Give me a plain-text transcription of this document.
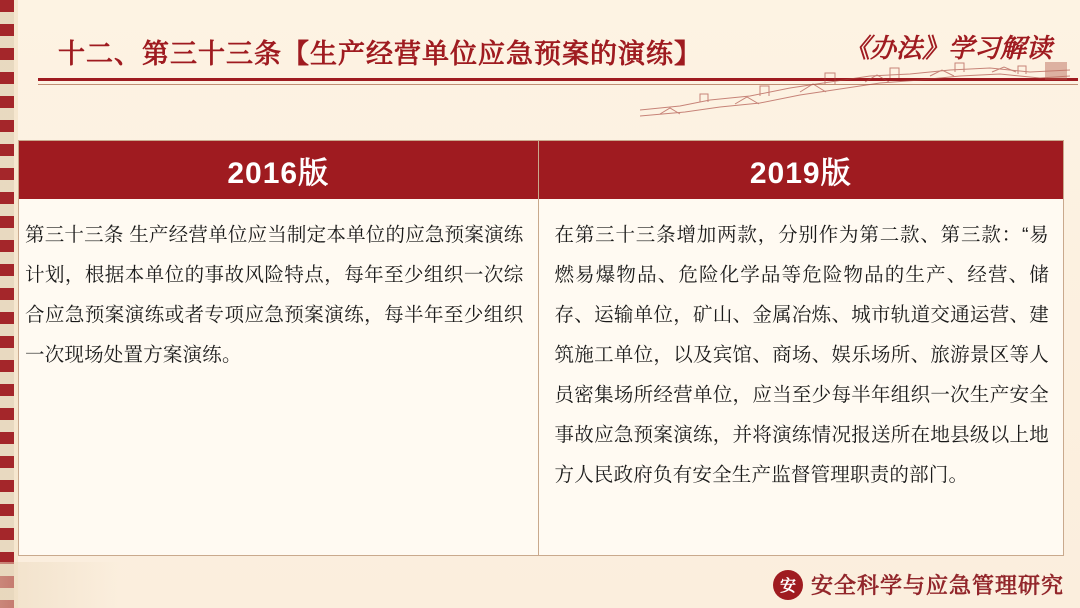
十二、第三十三条【生产经营单位应急预案的演练】	《办法》学习解读
2016版
第三十三条 生产经营单位应当制定本单位的应急预案演练计划，根据本单位的事故风险特点，每年至少组织一次综合应急预案演练或者专项应急预案演练，每半年至少组织一次现场处置方案演练。
2019版
在第三十三条增加两款，分别作为第二款、第三款：“易燃易爆物品、危险化学品等危险物品的生产、经营、储存、运输单位，矿山、金属冶炼、城市轨道交通运营、建筑施工单位，以及宾馆、商场、娱乐场所、旅游景区等人员密集场所经营单位，应当至少每半年组织一次生产安全事故应急预案演练，并将演练情况报送所在地县级以上地方人民政府负有安全生产监督管理职责的部门。
安 安全科学与应急管理研究
